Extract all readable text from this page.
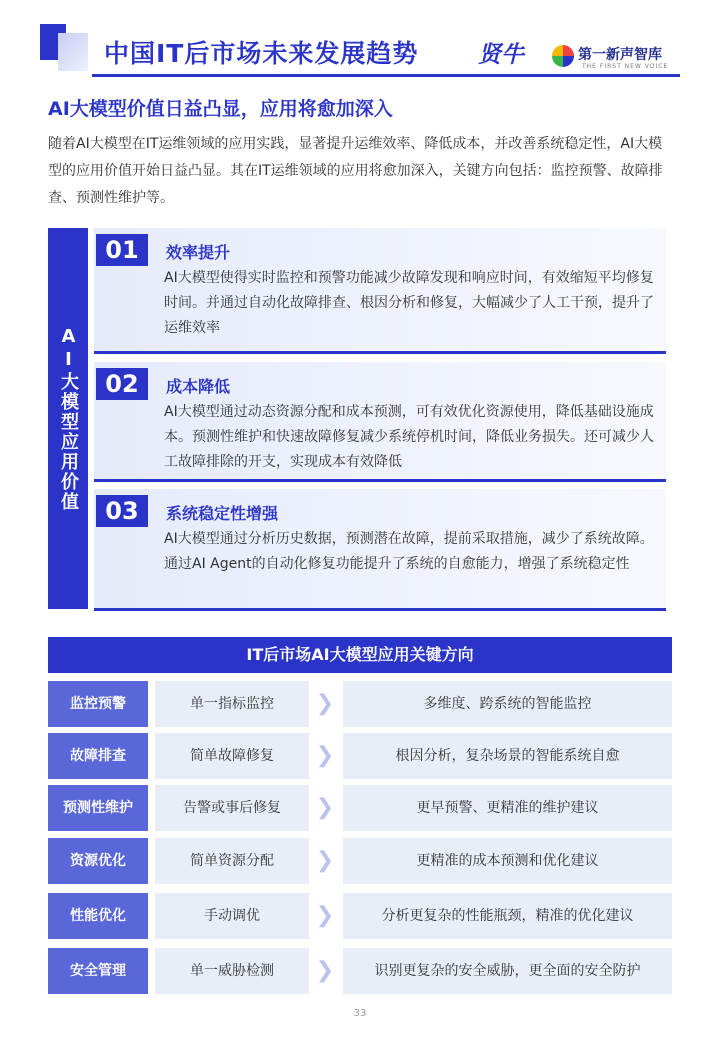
中国IT后市场未来发展趋势	贤牛	第一新声智库
THE FIRST NEW VOICE
AI大模型价值日益凸显，应用将愈加深入
随着AI大模型在IT运维领域的应用实践，显著提升运维效率、降低成本，并改善系统稳定性，AI大模型的应用价值开始日益凸显。其在IT运维领域的应用将愈加深入，关键方向包括：监控预警、故障排查、预测性维护等。
AI大模型应用价值
01	效率提升
AI大模型使得实时监控和预警功能减少故障发现和响应时间，有效缩短平均修复时间。并通过自动化故障排查、根因分析和修复，大幅减少了人工干预，提升了运维效率
02	成本降低
AI大模型通过动态资源分配和成本预测，可有效优化资源使用，降低基础设施成本。预测性维护和快速故障修复减少系统停机时间，降低业务损失。还可减少人工故障排除的开支，实现成本有效降低
03	系统稳定性增强
AI大模型通过分析历史数据，预测潜在故障，提前采取措施，减少了系统故障。通过AI Agent的自动化修复功能提升了系统的自愈能力，增强了系统稳定性
IT后市场AI大模型应用关键方向
监控预警	单一指标监控	❯	多维度、跨系统的智能监控
故障排查	简单故障修复	❯	根因分析，复杂场景的智能系统自愈
预测性维护	告警或事后修复	❯	更早预警、更精准的维护建议
资源优化	简单资源分配	❯	更精准的成本预测和优化建议
性能优化	手动调优	❯	分析更复杂的性能瓶颈，精准的优化建议
安全管理	单一威胁检测	❯	识别更复杂的安全威胁，更全面的安全防护
33
